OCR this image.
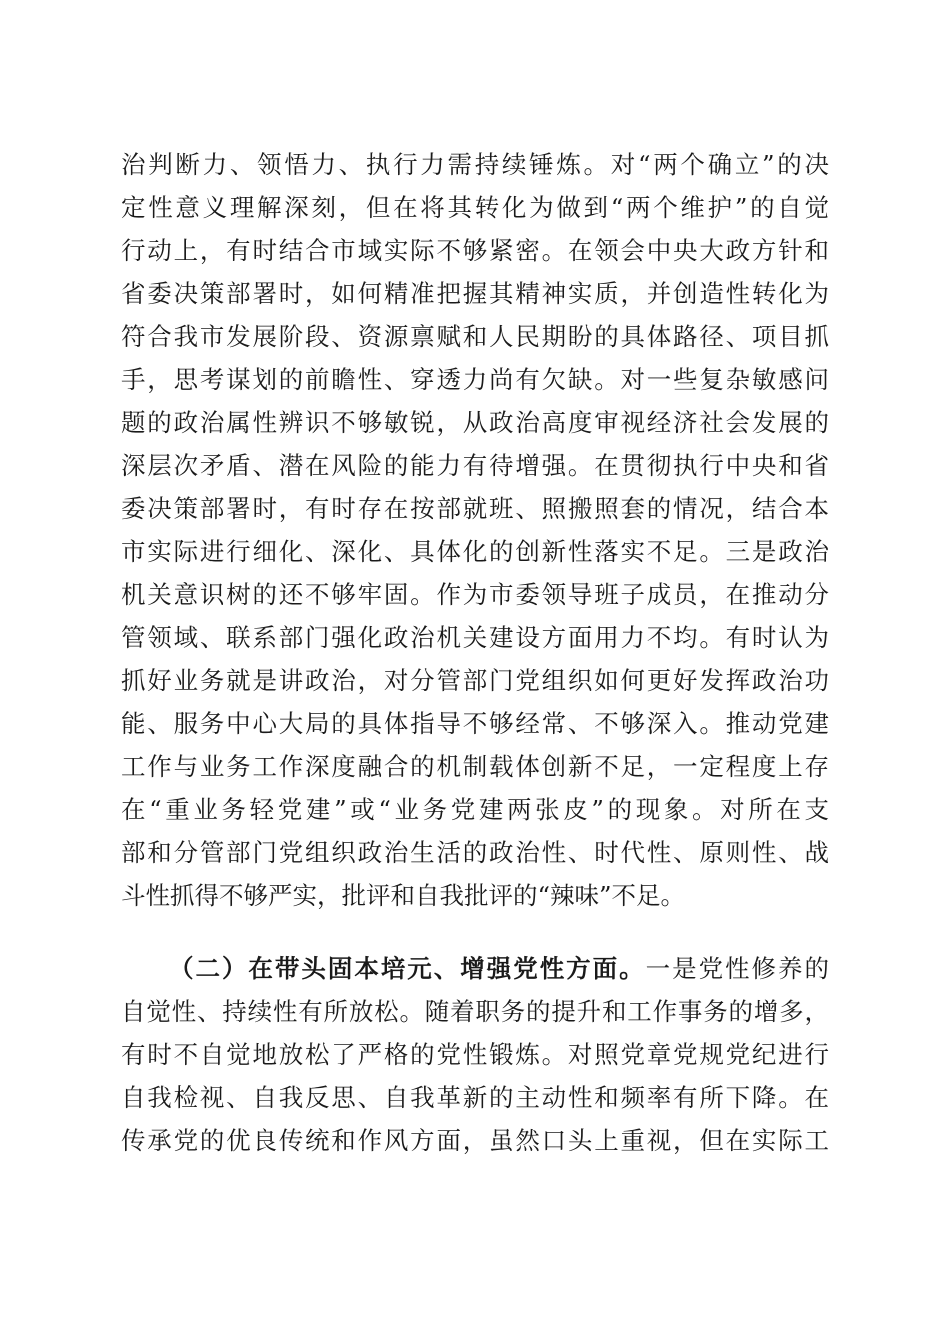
治判断力、领悟力、执行力需持续锤炼。对“两个确立”的决
定性意义理解深刻，但在将其转化为做到“两个维护”的自觉
行动上，有时结合市域实际不够紧密。在领会中央大政方针和
省委决策部署时，如何精准把握其精神实质，并创造性转化为
符合我市发展阶段、资源禀赋和人民期盼的具体路径、项目抓
手，思考谋划的前瞻性、穿透力尚有欠缺。对一些复杂敏感问
题的政治属性辨识不够敏锐，从政治高度审视经济社会发展的
深层次矛盾、潜在风险的能力有待增强。在贯彻执行中央和省
委决策部署时，有时存在按部就班、照搬照套的情况，结合本
市实际进行细化、深化、具体化的创新性落实不足。三是政治
机关意识树的还不够牢固。作为市委领导班子成员，在推动分
管领域、联系部门强化政治机关建设方面用力不均。有时认为
抓好业务就是讲政治，对分管部门党组织如何更好发挥政治功
能、服务中心大局的具体指导不够经常、不够深入。推动党建
工作与业务工作深度融合的机制载体创新不足，一定程度上存
在“重业务轻党建”或“业务党建两张皮”的现象。对所在支
部和分管部门党组织政治生活的政治性、时代性、原则性、战
斗性抓得不够严实，批评和自我批评的“辣味”不足。
（二）在带头固本培元、增强党性方面。一是党性修养的
自觉性、持续性有所放松。随着职务的提升和工作事务的增多，
有时不自觉地放松了严格的党性锻炼。对照党章党规党纪进行
自我检视、自我反思、自我革新的主动性和频率有所下降。在
传承党的优良传统和作风方面，虽然口头上重视，但在实际工
